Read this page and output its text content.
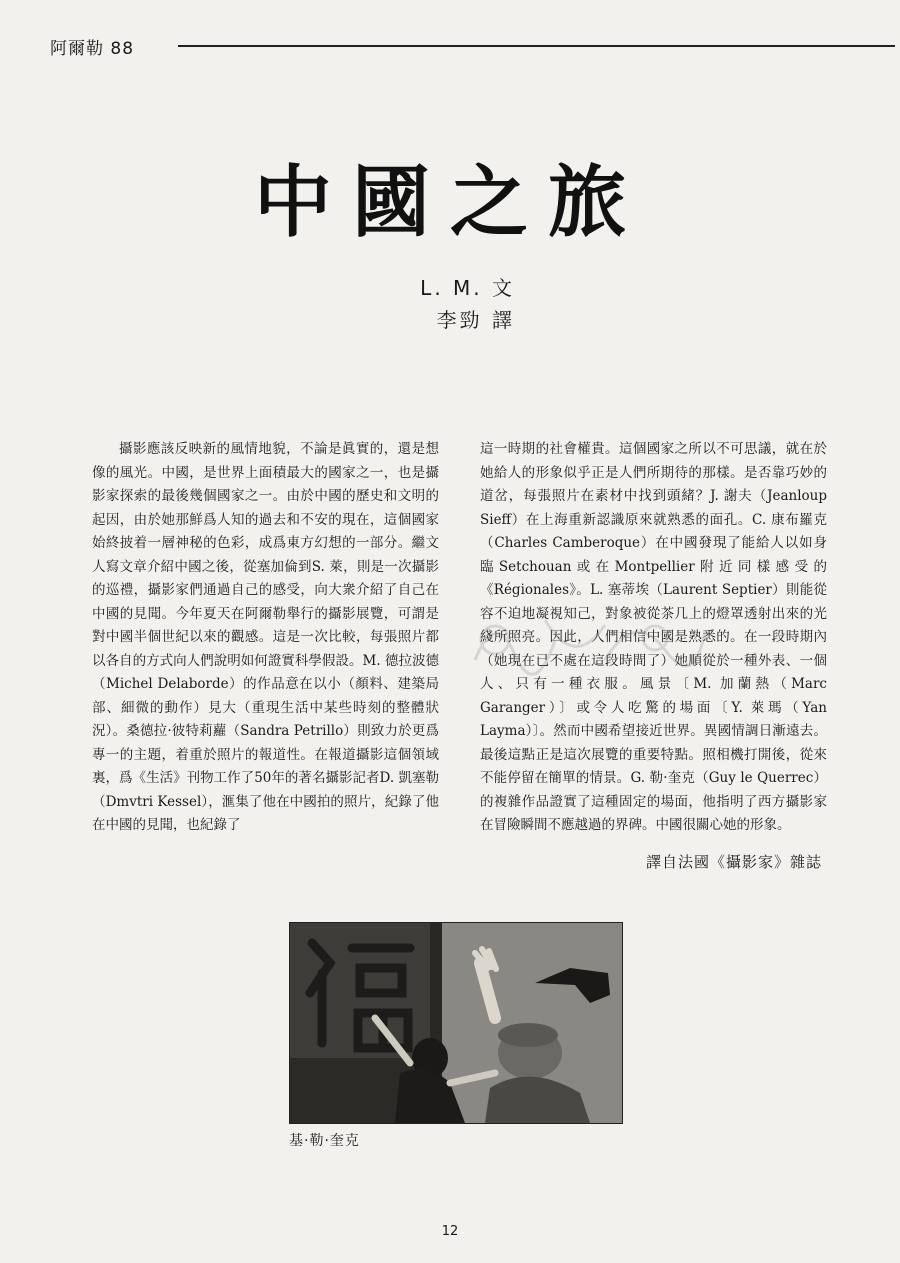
阿爾勒 88
中國之旅
L. M. 文
李勁 譯

攝影應該反映新的風情地貌，不論是眞實的，還是想像的風光。中國，是世界上面積最大的國家之一，也是攝影家探索的最後幾個國家之一。由於中國的歷史和文明的起因，由於她那鮮爲人知的過去和不安的現在，這個國家始終披着一層神秘的色彩，成爲東方幻想的一部分。繼文人寫文章介紹中國之後，從塞加倫到S. 萊，則是一次攝影的巡禮，攝影家們通過自己的感受，向大衆介紹了自己在中國的見聞。今年夏天在阿爾勒舉行的攝影展覽，可謂是對中國半個世紀以來的觀感。這是一次比較，每張照片都以各自的方式向人們說明如何證實科學假設。M. 德拉波德（Michel Delaborde）的作品意在以小（顏料、建築局部、細微的動作）見大（重現生活中某些時刻的整體狀況）。桑德拉·彼特莉蘿（Sandra Petrillo）則致力於更爲專一的主題，着重於照片的報道性。在報道攝影這個領域裏，爲《生活》刊物工作了50年的著名攝影記者D. 凱塞勒（Dmvtri Kessel），滙集了他在中國拍的照片，紀錄了他在中國的見聞，也紀錄了

這一時期的社會權貴。這個國家之所以不可思議，就在於她給人的形象似乎正是人們所期待的那樣。是否靠巧妙的道岔，每張照片在素材中找到頭緒？J. 謝夫（Jeanloup Sieff）在上海重新認識原來就熟悉的面孔。C. 康布羅克（Charles Camberoque）在中國發現了能給人以如身臨Setchouan或在Montpellier附近同樣感受的《Régionales》。L. 塞蒂埃（Laurent Septier）則能從容不迫地凝視知己，對象被從茶几上的燈罩透射出來的光綫所照亮。因此，人們相信中國是熟悉的。在一段時期內（她現在已不處在這段時間了）她順從於一種外表、一個人、只有一種衣服。風景〔M. 加蘭熱（Marc Garanger）〕或令人吃驚的場面〔Y. 萊瑪（Yan Layma）〕。然而中國希望接近世界。異國情調日漸遠去。最後這點正是這次展覽的重要特點。照相機打開後，從來不能停留在簡單的情景。G. 勒·奎克（Guy le Querrec）的複雜作品證實了這種固定的場面，他指明了西方攝影家在冒險瞬間不應越過的界碑。中國很關心她的形象。

譯自法國《攝影家》雜誌
基·勒·奎克
12
